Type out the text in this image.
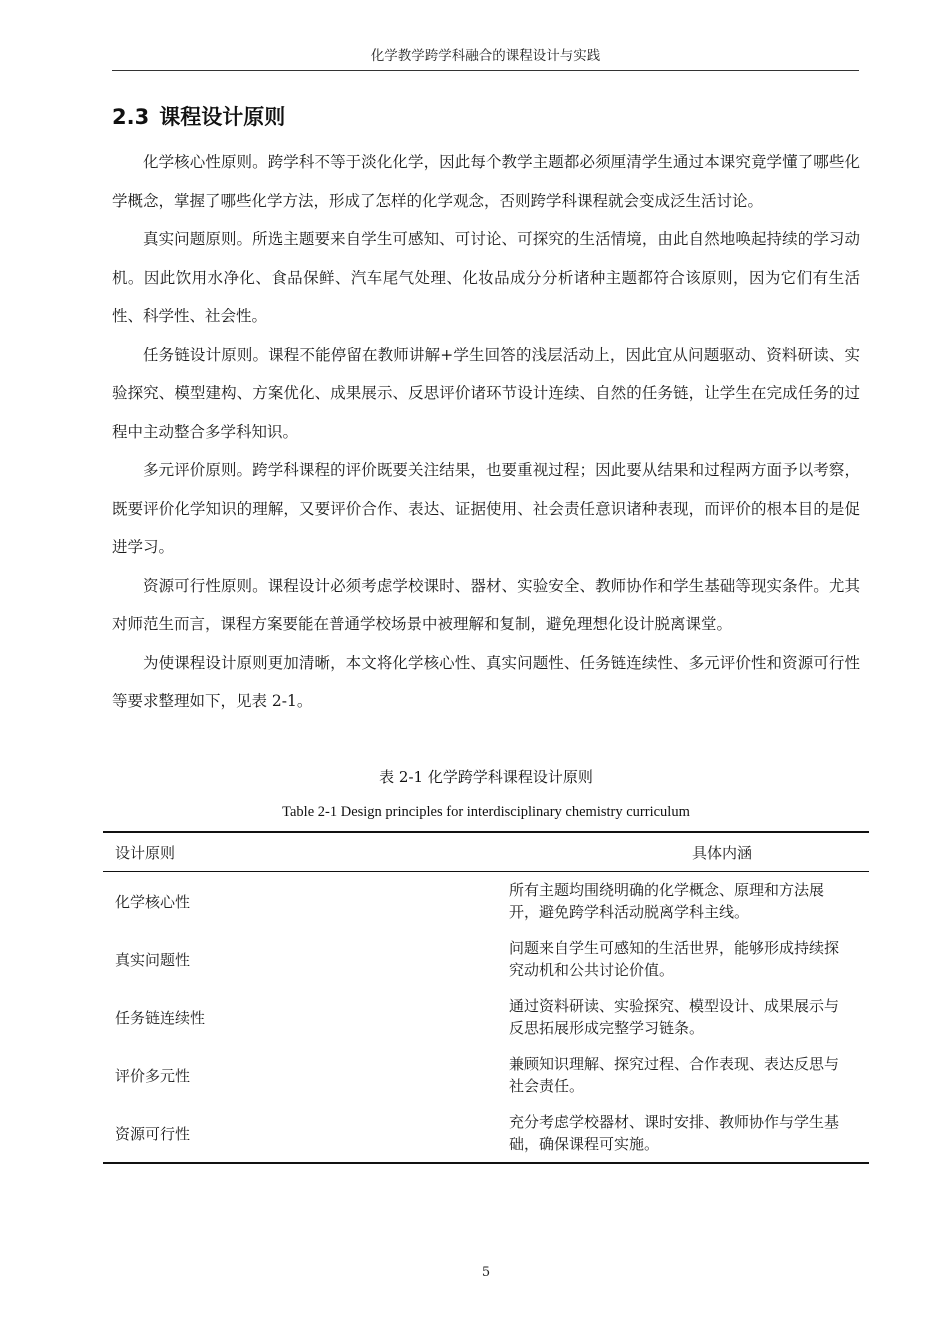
化学教学跨学科融合的课程设计与实践
2.3 课程设计原则

化学核心性原则。跨学科不等于淡化化学，因此每个教学主题都必须厘清学生通过本课究竟学懂了哪些化学概念，掌握了哪些化学方法，形成了怎样的化学观念，否则跨学科课程就会变成泛生活讨论。

真实问题原则。所选主题要来自学生可感知、可讨论、可探究的生活情境，由此自然地唤起持续的学习动机。因此饮用水净化、食品保鲜、汽车尾气处理、化妆品成分分析诸种主题都符合该原则，因为它们有生活性、科学性、社会性。

任务链设计原则。课程不能停留在教师讲解+学生回答的浅层活动上，因此宜从问题驱动、资料研读、实验探究、模型建构、方案优化、成果展示、反思评价诸环节设计连续、自然的任务链，让学生在完成任务的过程中主动整合多学科知识。

多元评价原则。跨学科课程的评价既要关注结果，也要重视过程；因此要从结果和过程两方面予以考察，既要评价化学知识的理解，又要评价合作、表达、证据使用、社会责任意识诸种表现，而评价的根本目的是促进学习。

资源可行性原则。课程设计必须考虑学校课时、器材、实验安全、教师协作和学生基础等现实条件。尤其对师范生而言，课程方案要能在普通学校场景中被理解和复制，避免理想化设计脱离课堂。

为使课程设计原则更加清晰，本文将化学核心性、真实问题性、任务链连续性、多元评价性和资源可行性等要求整理如下，见表 2-1。

表 2-1 化学跨学科课程设计原则
Table 2-1 Design principles for interdisciplinary chemistry curriculum
设计原则	具体内涵
化学核心性	所有主题均围绕明确的化学概念、原理和方法展开，避免跨学科活动脱离学科主线。
真实问题性	问题来自学生可感知的生活世界，能够形成持续探究动机和公共讨论价值。
任务链连续性	通过资料研读、实验探究、模型设计、成果展示与反思拓展形成完整学习链条。
评价多元性	兼顾知识理解、探究过程、合作表现、表达反思与社会责任。
资源可行性	充分考虑学校器材、课时安排、教师协作与学生基础，确保课程可实施。
5
